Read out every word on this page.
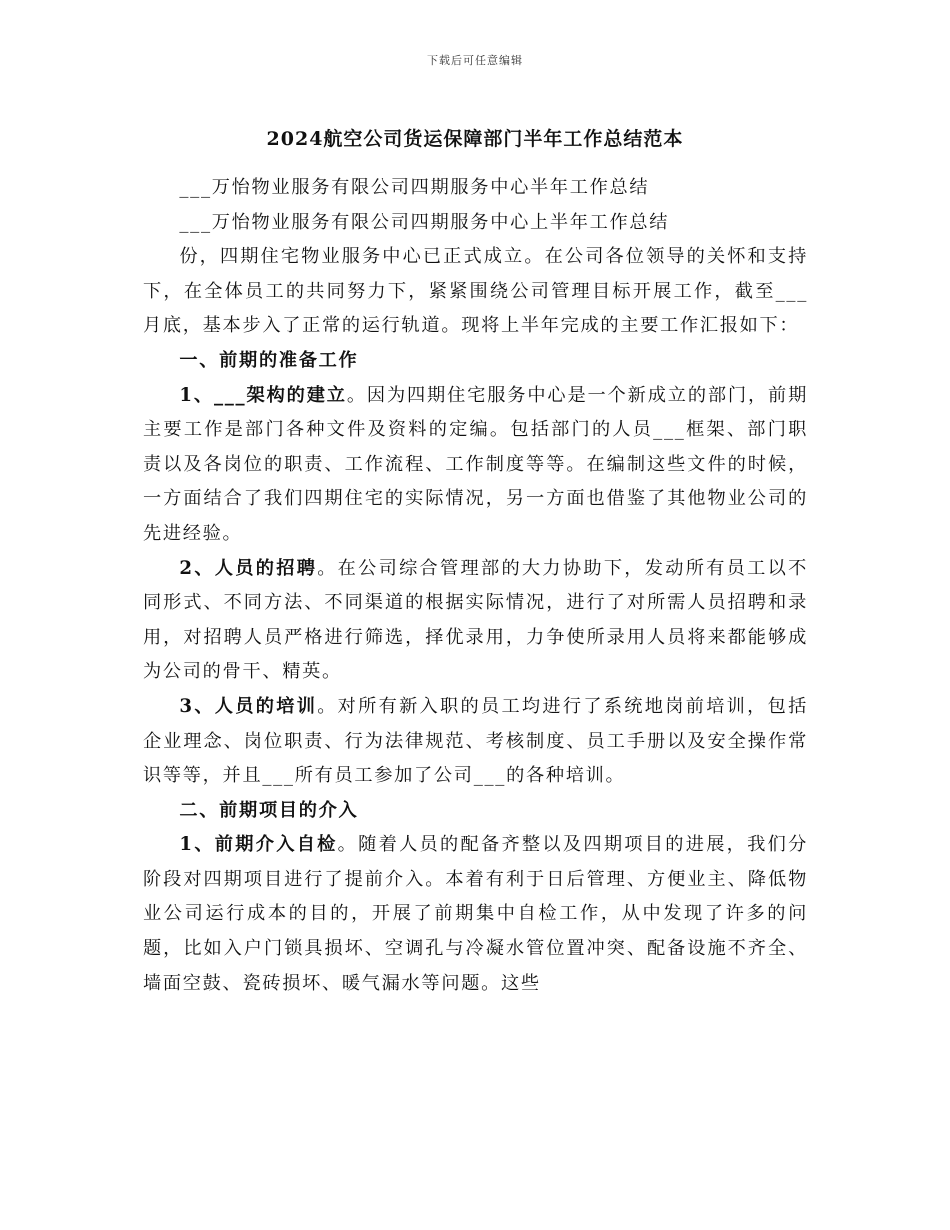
下载后可任意编辑
2024航空公司货运保障部门半年工作总结范本

___万怡物业服务有限公司四期服务中心半年工作总结

___万怡物业服务有限公司四期服务中心上半年工作总结

份，四期住宅物业服务中心已正式成立。在公司各位领导的关怀和支持下，在全体员工的共同努力下，紧紧围绕公司管理目标开展工作，截至___月底，基本步入了正常的运行轨道。现将上半年完成的主要工作汇报如下：

一、前期的准备工作

1、___架构的建立。因为四期住宅服务中心是一个新成立的部门，前期主要工作是部门各种文件及资料的定编。包括部门的人员___框架、部门职责以及各岗位的职责、工作流程、工作制度等等。在编制这些文件的时候，一方面结合了我们四期住宅的实际情况，另一方面也借鉴了其他物业公司的先进经验。

2、人员的招聘。在公司综合管理部的大力协助下，发动所有员工以不同形式、不同方法、不同渠道的根据实际情况，进行了对所需人员招聘和录用，对招聘人员严格进行筛选，择优录用，力争使所录用人员将来都能够成为公司的骨干、精英。

3、人员的培训。对所有新入职的员工均进行了系统地岗前培训，包括企业理念、岗位职责、行为法律规范、考核制度、员工手册以及安全操作常识等等，并且___所有员工参加了公司___的各种培训。

二、前期项目的介入

1、前期介入自检。随着人员的配备齐整以及四期项目的进展，我们分阶段对四期项目进行了提前介入。本着有利于日后管理、方便业主、降低物业公司运行成本的目的，开展了前期集中自检工作，从中发现了许多的问题，比如入户门锁具损坏、空调孔与冷凝水管位置冲突、配备设施不齐全、墙面空鼓、瓷砖损坏、暖气漏水等问题。这些
